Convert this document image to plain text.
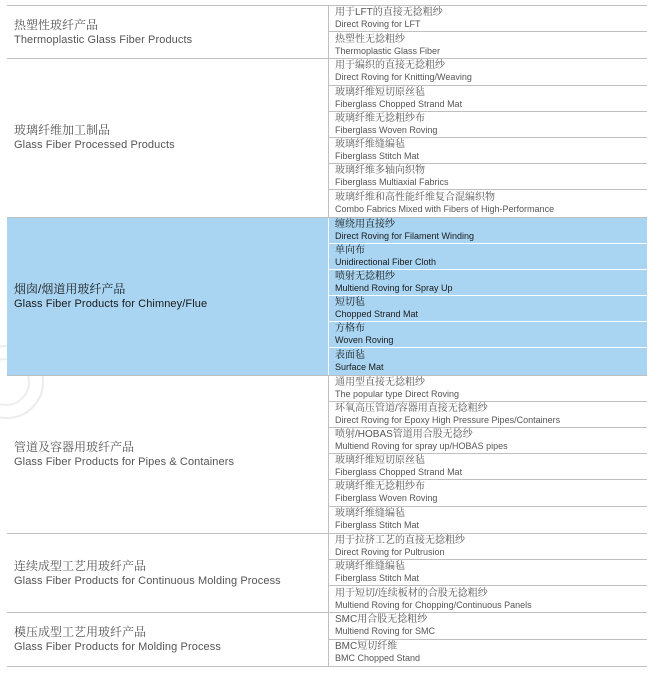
热塑性玻纤产品
Thermoplastic Glass Fiber Products
用于LFT的直接无捻粗纱
Direct Roving for LFT
热塑性无捻粗纱
Thermoplastic Glass Fiber
玻璃纤维加工制品
Glass Fiber Processed Products
用于编织的直接无捻粗纱
Direct Roving for Knitting/Weaving
玻璃纤维短切原丝毡
Fiberglass Chopped Strand Mat
玻璃纤维无捻粗纱布
Fiberglass Woven Roving
玻璃纤维缝编毡
Fiberglass Stitch Mat
玻璃纤维多轴向织物
Fiberglass Multiaxial Fabrics
玻璃纤维和高性能纤维复合混编织物
Combo Fabrics Mixed with Fibers of High-Performance
烟囱/烟道用玻纤产品
Glass Fiber Products for Chimney/Flue
缠绕用直接纱
Direct Roving for Filament Winding
单向布
Unidirectional Fiber Cloth
喷射无捻粗纱
Multiend Roving for Spray Up
短切毡
Chopped Strand Mat
方格布
Woven Roving
表面毡
Surface Mat
管道及容器用玻纤产品
Glass Fiber Products for Pipes & Containers
通用型直接无捻粗纱
The popular type Direct Roving
环氧高压管道/容器用直接无捻粗纱
Direct Roving for Epoxy High Pressure Pipes/Containers
喷射/HOBAS管道用合股无捻纱
Multiend Roving for spray up/HOBAS pipes
玻璃纤维短切原丝毡
Fiberglass Chopped Strand Mat
玻璃纤维无捻粗纱布
Fiberglass Woven Roving
玻璃纤维缝编毡
Fiberglass Stitch Mat
连续成型工艺用玻纤产品
Glass Fiber Products for Continuous Molding Process
用于拉挤工艺的直接无捻粗纱
Direct Roving for Pultrusion
玻璃纤维缝编毡
Fiberglass Stitch Mat
用于短切/连续板材的合股无捻粗纱
Multiend Roving for Chopping/Continuous Panels
模压成型工艺用玻纤产品
Glass Fiber Products for Molding Process
SMC用合股无捻粗纱
Multiend Roving for SMC
BMC短切纤维
BMC Chopped Stand
